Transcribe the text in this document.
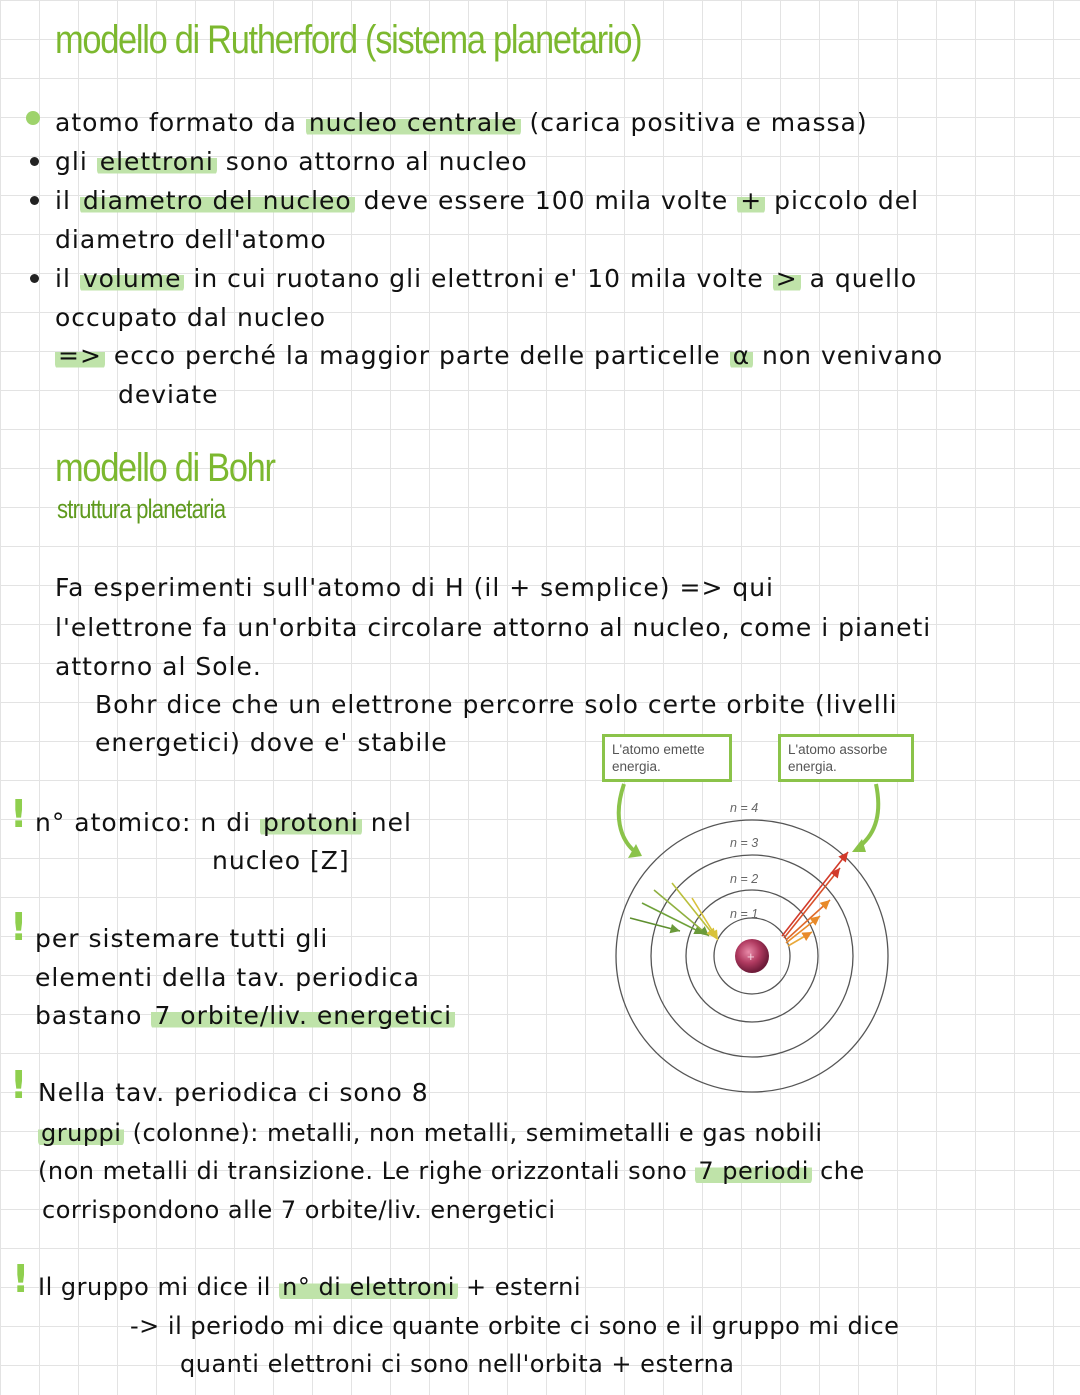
modello di Rutherford (sistema planetario)
atomo formato da nucleo centrale (carica positiva e massa)
gli elettroni sono attorno al nucleo
il diametro del nucleo deve essere 100 mila volte + piccolo del
diametro dell'atomo
il volume in cui ruotano gli elettroni e' 10 mila volte > a quello
occupato dal nucleo
=> ecco perché la maggior parte delle particelle α non venivano
deviate
modello di Bohr
struttura planetaria
Fa esperimenti sull'atomo di H (il + semplice) => qui
l'elettrone fa un'orbita circolare attorno al nucleo, come i pianeti
attorno al Sole.
Bohr dice che un elettrone percorre solo certe orbite (livelli
energetici) dove e' stabile
n = 4
n = 3
n = 2
n = 1
+
L'atomo emette energia.
L'atomo assorbe energia.
! n° atomico: n di protoni nel
nucleo [Z]
! per sistemare tutti gli
elementi della tav. periodica
bastano 7 orbite/liv. energetici
! Nella tav. periodica ci sono 8
gruppi (colonne): metalli, non metalli, semimetalli e gas nobili
(non metalli di transizione. Le righe orizzontali sono 7 periodi che
corrispondono alle 7 orbite/liv. energetici
! Il gruppo mi dice il n° di elettroni + esterni
-> il periodo mi dice quante orbite ci sono e il gruppo mi dice
quanti elettroni ci sono nell'orbita + esterna
